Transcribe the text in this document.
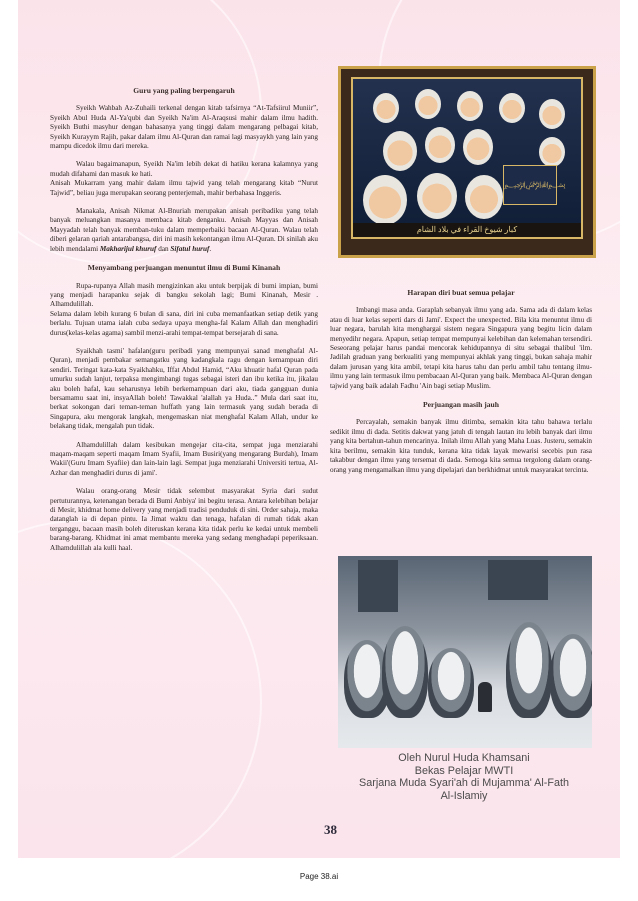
Guru yang paling berpengaruh

Syeikh Wahbah Az-Zuhaili terkenal dengan kitab tafsirnya “At-Tafsiirul Muniir”, Syeikh Abul Huda Al-Ya'qubi dan Syeikh Na'im Al-Araqsusi mahir dalam ilmu hadith. Syeikh Buthi masyhur dengan bahasanya yang tinggi dalam mengarang pelbagai kitab, Syeikh Kurayym Rajih, pakar dalam ilmu Al-Quran dan ramai lagi masyaykh yang lain yang mampu dicedok ilmu dari mereka.

Walau bagaimanapun, Syeikh Na'im lebih dekat di hatiku kerana kalamnya yang mudah difahami dan masuk ke hati.
Anisah Mukarram yang mahir dalam ilmu tajwid yang telah mengarang kitab “Nurut Tajwid”, beliau juga merupakan seorang penterjemah, mahir berbahasa Inggeris.

Manakala, Anisah Nikmat Al-Bnuriah merupakan anisah peribadiku yang telah banyak meluangkan masanya membaca kitab denganku. Anisah Mayyas dan Anisah Mayyadah telah banyak memban-tuku dalam memperbaiki bacaan Al-Quran. Walau telah diberi gelaran qariah antarabangsa, diri ini masih kekontangan ilmu Al-Quran. Di sinilah aku lebih mendalami Makharijul khuruf dan Sifatul huruf.

Menyambang perjuangan menuntut ilmu di Bumi Kinanah

Rupa-rupanya Allah masih mengizinkan aku untuk berpijak di bumi impian, bumi yang menjadi harapanku sejak di bangku sekolah lagi; Bumi Kinanah, Mesir . Alhamdulillah.
Selama dalam lebih kurang 6 bulan di sana, diri ini cuba memanfaatkan setiap detik yang berlalu. Tujuan utama ialah cuba sedaya upaya mengha-fal Kalam Allah dan menghadiri durus(kelas-kelas agama) sambil menzi-arahi tempat-tempat bersejarah di sana.

Syaikhah tasmi' hafalan(guru peribadi yang mempunyai sanad menghafal Al-Quran), menjadi pembakar semangatku yang kadangkala ragu dengan kemampuan diri sendiri. Teringat kata-kata Syaikhahku, Iffat Abdul Hamid, “Aku khuatir hafal Quran pada umurku sudah lanjut, terpaksa mengimbangi tugas sebagai isteri dan ibu ketika itu, jikalau aku boleh hafal, kau seharusnya lebih berkemampuan dari aku, tiada gangguan dunia bersamamu saat ini, insyaAllah boleh! Tawakkal 'alallah ya Huda..” Mula dari saat itu, berkat sokongan dari teman-teman huffath yang lain termasuk yang sudah berada di Singapura, aku mengorak langkah, mengemaskan niat menghafal Kalam Allah, undur ke belakang tidak, mengalah pun tidak.

Alhamdulillah dalam kesibukan mengejar cita-cita, sempat juga menziarahi maqam-maqam seperti maqam Imam Syafii, Imam Busiri(yang mengarang Burdah), Imam Wakii'(Guru Imam Syafiie) dan lain-lain lagi. Sempat juga menziarahi Universiti tertua, Al-Azhar dan menghadiri durus di jami'.

Walau orang-orang Mesir tidak selembut masyarakat Syria dari sudut pertuturannya, ketenangan berada di Bumi Anbiya' ini begitu terasa. Antara kelebihan belajar di Mesir, khidmat home delivery yang menjadi tradisi penduduk di sini. Order sahaja, maka datanglah ia di depan pintu. Ia Jimat waktu dan tenaga, hafalan di rumah tidak akan terganggu, bacaan masih boleh diteruskan kerana kita tidak perlu ke kedai untuk membeli barang-barang. Khidmat ini amat membantu mereka yang sedang menghadapi peperiksaan. Alhamdulillah ala kulli haal.

﷽
كبار شيوخ القراء في بلاد الشام
Harapan diri buat semua pelajar

Imbangi masa anda. Garaplah sebanyak ilmu yang ada. Sama ada di dalam kelas atau di luar kelas seperti dars di Jami'. Expect the unexpected. Bila kita menuntut ilmu di luar negara, barulah kita menghargai sistem negara Singapura yang begitu licin dalam menyedihr negara. Apapun, setiap tempat mempunyai kelebihan dan kelemahan tersendiri. Seseorang pelajar harus pandai mencorak kehidupannya di situ sebagai thalibul 'ilm. Jadilah graduan yang berkualiti yang mempunyai akhlak yang tinggi, bukan sahaja mahir dalam jurusan yang kita ambil, tetapi kita harus tahu dan perlu ambil tahu tentang ilmu-ilmu yang lain termasuk ilmu pembacaan Al-Quran yang baik. Membaca Al-Quran dengan tajwid yang baik adalah Fadhu 'Ain bagi setiap Muslim.

Perjuangan masih jauh

Percayalah, semakin banyak ilmu ditimba, semakin kita tahu bahawa terlalu sedikit ilmu di dada. Setitis dakwat yang jatuh di tengah lautan itu lebih banyak dari ilmu yang kita bertahun-tahun mencarinya. Inilah ilmu Allah yang Maha Luas. Justeru, semakin kita berilmu, semakin kita tunduk, kerana kita tidak layak mewarisi secebis pun rasa takabbur dengan ilmu yang tersemat di dada. Semoga kita semua tergolong dalam orang-orang yang mengamalkan ilmu yang dipelajari dan berkhidmat untuk masyarakat tercinta.

Oleh Nurul Huda Khamsani
Bekas Pelajar MWTI
Sarjana Muda Syari'ah di Mujamma' Al-Fath
Al-Islamiy
38
Page 38.ai
